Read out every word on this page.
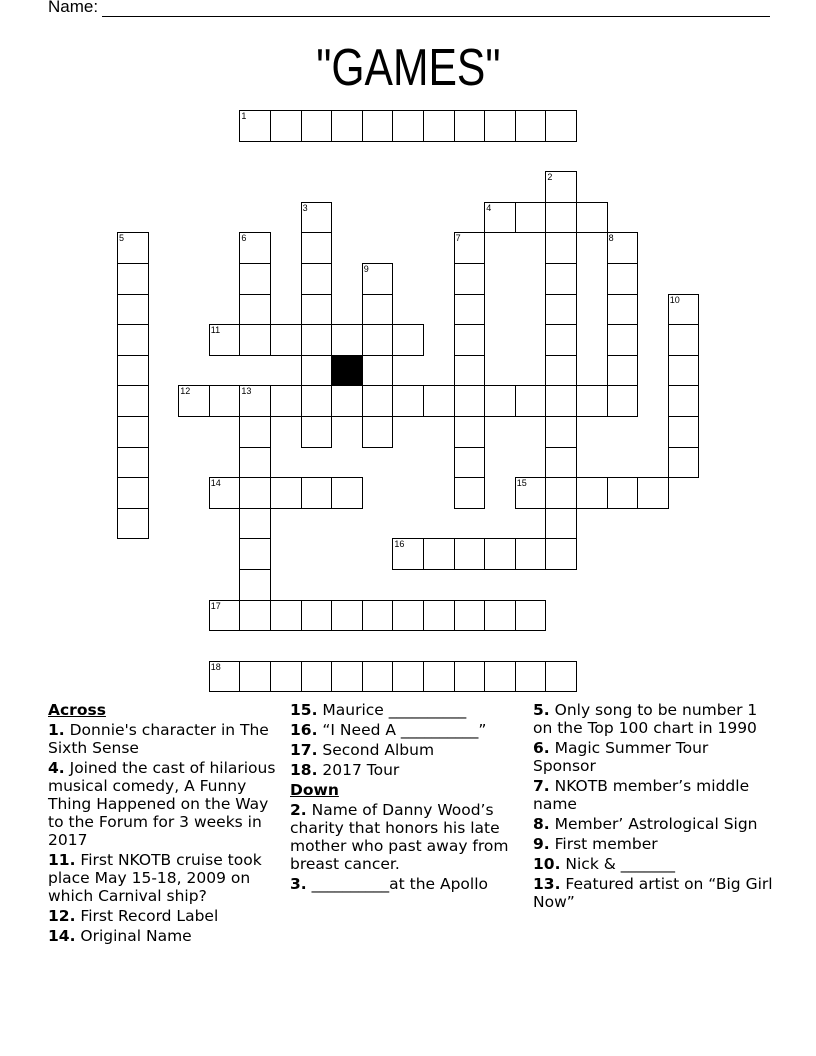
Name:
"GAMES"
1
4
11
12	13
14	15
16
17
18
2
3
5	6	7	8
9
10
Across
1. Donnie's character in The Sixth Sense
4. Joined the cast of hilarious musical comedy, A Funny Thing Happened on the Way to the Forum for 3 weeks in 2017
11. First NKOTB cruise took place May 15-18, 2009 on which Carnival ship?
12. First Record Label
14. Original Name
15. Maurice __________
16. “I Need A __________”
17. Second Album
18. 2017 Tour
Down
2. Name of Danny Wood’s charity that honors his late mother who past away from breast cancer.
3. __________at the Apollo
5. Only song to be number 1 on the Top 100 chart in 1990
6. Magic Summer Tour Sponsor
7. NKOTB member’s middle name
8. Member’ Astrological Sign
9. First member
10. Nick & _______
13. Featured artist on “Big Girl Now”
